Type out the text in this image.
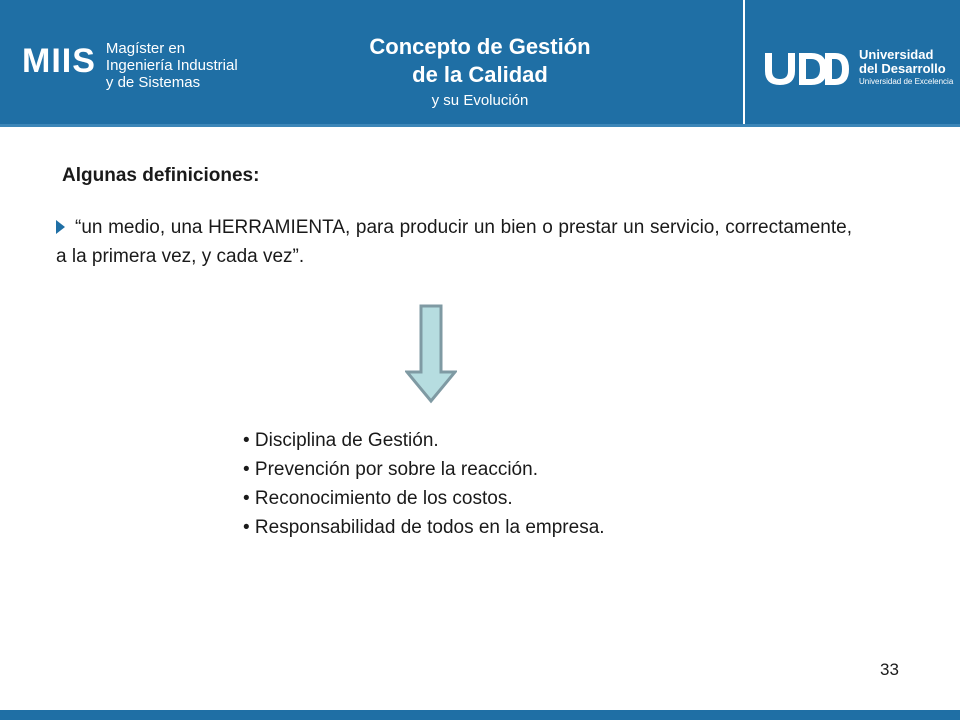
MIIS Magíster en
Ingeniería Industrial
y de Sistemas
Concepto de Gestión
de la Calidad
y su Evolución
Universidad
del Desarrollo
Universidad de Excelencia
Algunas definiciones:
“un medio, una HERRAMIENTA, para producir un bien o prestar un servicio, correctamente, a la primera vez, y cada vez”.
• Disciplina de Gestión.
• Prevención por sobre la reacción.
• Reconocimiento de los costos.
• Responsabilidad de todos en la empresa.
33
